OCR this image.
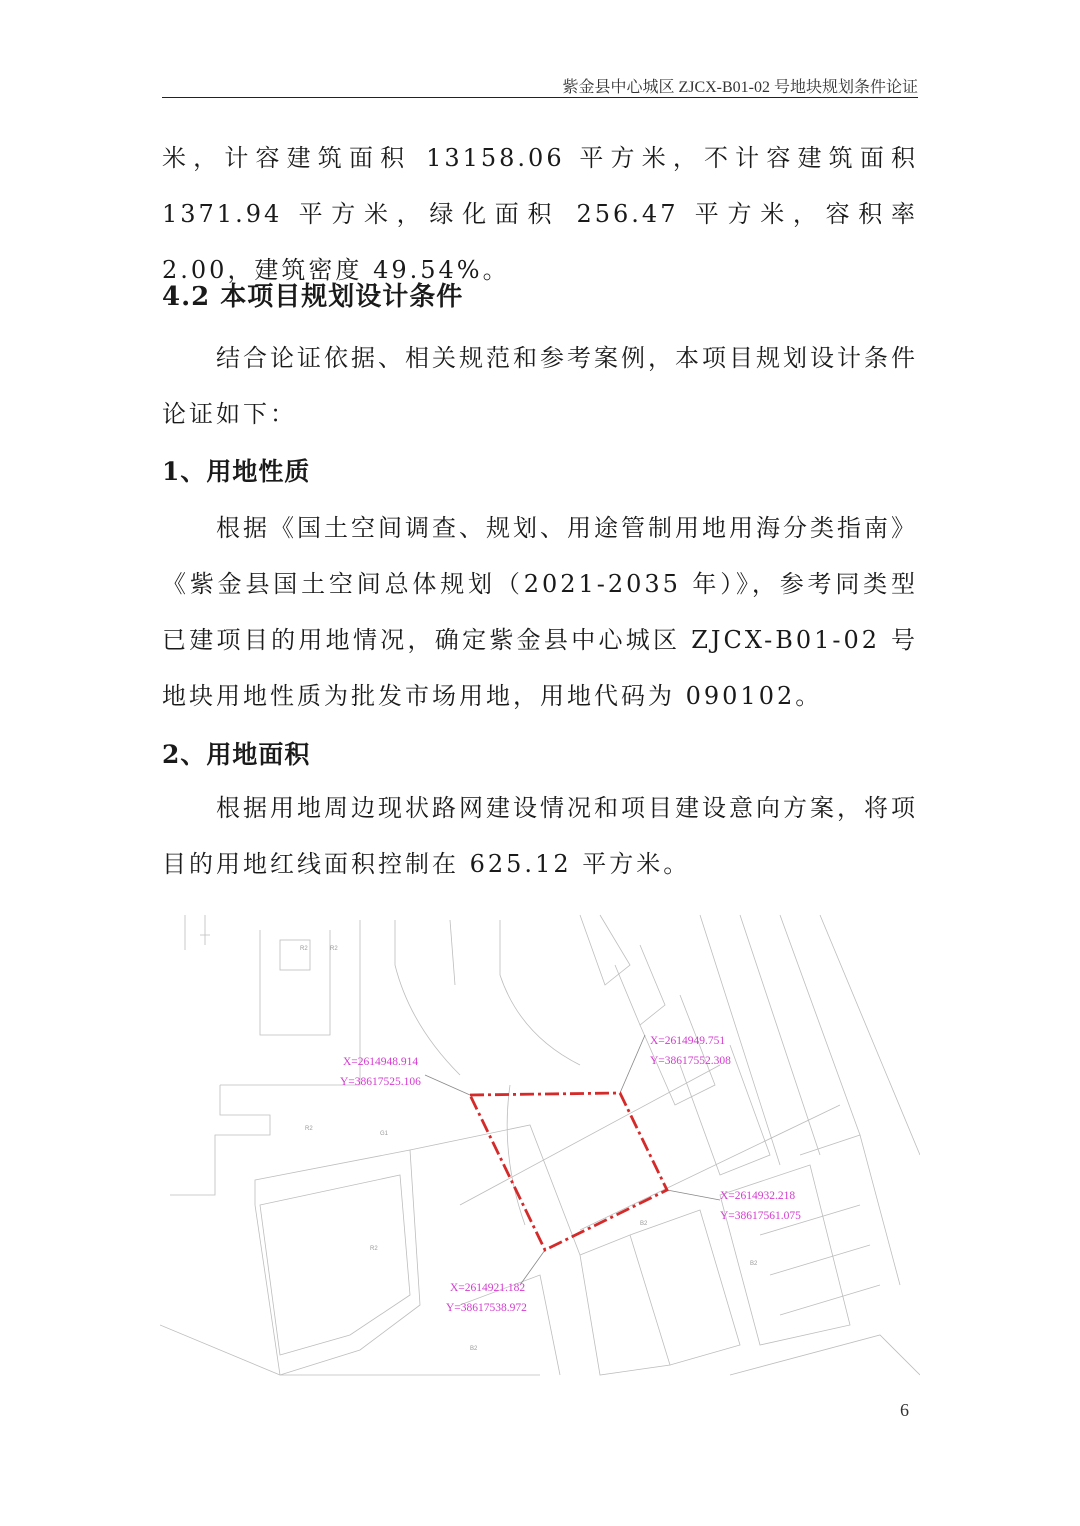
紫金县中心城区 ZJCX-B01-02 号地块规划条件论证

米，计容建筑面积 13158.06 平方米，不计容建筑面积 1371.94 平方米，绿化面积 256.47 平方米，容积率 2.00，建筑密度 49.54%。

4.2 本项目规划设计条件

结合论证依据、相关规范和参考案例，本项目规划设计条件论证如下：

1、用地性质

根据《国土空间调查、规划、用途管制用地用海分类指南》《紫金县国土空间总体规划（2021-2035 年）》，参考同类型已建项目的用地情况，确定紫金县中心城区 ZJCX-B01-02 号地块用地性质为批发市场用地，用地代码为 090102。

2、用地面积

根据用地周边现状路网建设情况和项目建设意向方案，将项目的用地红线面积控制在 625.12 平方米。

R2	R2
R2
G1
R2
B2
B2
B2
X=2614948.914
Y=38617525.106
X=2614949.751
Y=38617552.308
X=2614932.218
Y=38617561.075
X=2614921.182
Y=38617538.972
6
